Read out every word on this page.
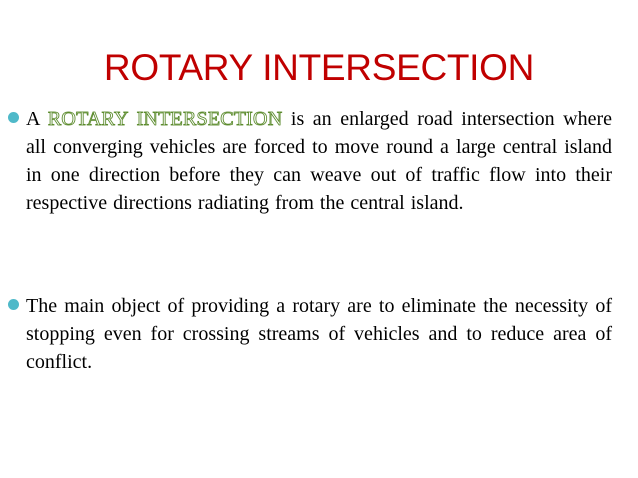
ROTARY INTERSECTION
A ROTARY INTERSECTION is an enlarged road intersection where all converging vehicles are forced to move round a large central island in one direction before they can weave out of traffic flow into their respective directions radiating from the central island.
The main object of providing a rotary are to eliminate the necessity of stopping even for crossing streams of vehicles and to reduce area of conflict.
